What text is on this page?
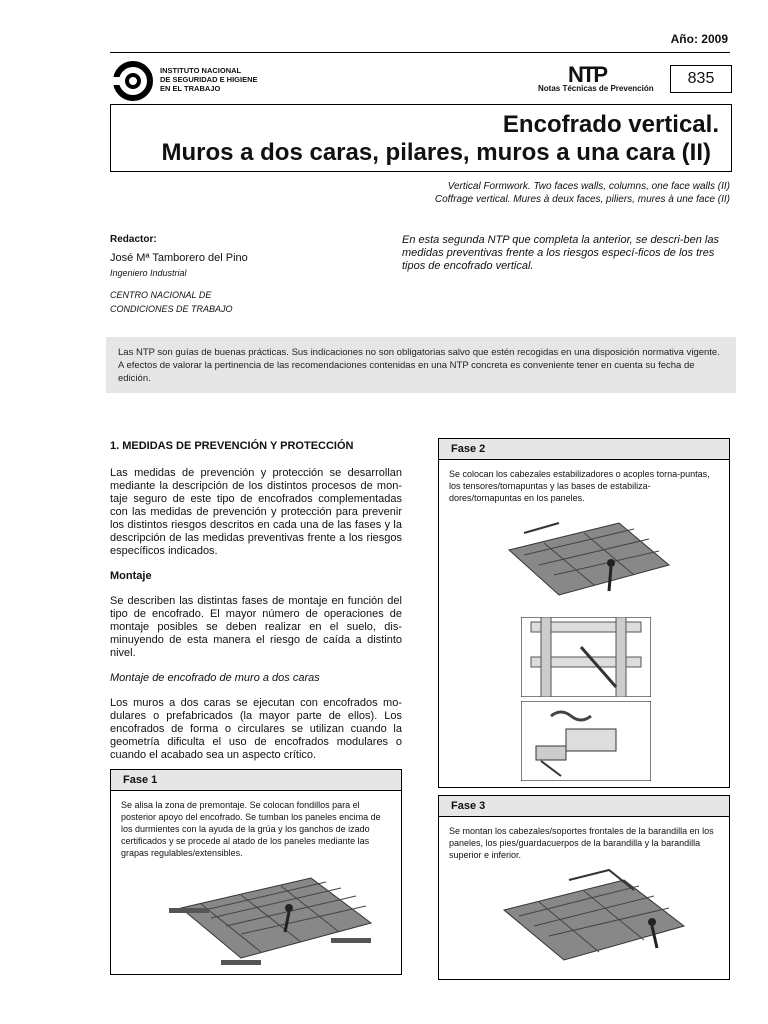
Año: 2009
INSTITUTO NACIONAL
DE SEGURIDAD E HIGIENE
EN EL TRABAJO
NTP
Notas Técnicas de Prevención
835
Encofrado vertical.
Muros a dos caras, pilares, muros a una cara (II)
Vertical Formwork. Two faces walls, columns, one face walls (II)
Coffrage vertical. Mures à deux faces, piliers, mures à une face (II)
Redactor:
José Mª Tamborero del Pino
Ingeniero Industrial
CENTRO NACIONAL DE
CONDICIONES DE TRABAJO
En esta segunda NTP que completa la anterior, se descri-ben las medidas preventivas frente a los riesgos especí-ficos de los tres tipos de encofrado vertical.
Las NTP son guías de buenas prácticas. Sus indicaciones no son obligatorias salvo que estén recogidas en una disposición normativa vigente. A efectos de valorar la pertinencia de las recomendaciones contenidas en una NTP concreta es conveniente tener en cuenta su fecha de edición.
1. MEDIDAS DE PREVENCIÓN Y PROTECCIÓN

Las medidas de prevención y protección se desarrollan mediante la descripción de los distintos procesos de mon-taje seguro de este tipo de encofrados complementadas con las medidas de prevención y protección para prevenir los distintos riesgos descritos en cada una de las fases y la descripción de las medidas preventivas frente a los riesgos específicos indicados.

Montaje

Se describen las distintas fases de montaje en función del tipo de encofrado. El mayor número de operaciones de montaje posibles se deben realizar en el suelo, dis-minuyendo de esta manera el riesgo de caída a distinto nivel.

Montaje de encofrado de muro a dos caras

Los muros a dos caras se ejecutan con encofrados mo-dulares o prefabricados (la mayor parte de ellos). Los encofrados de forma o circulares se utilizan cuando la geometría dificulta el uso de encofrados modulares o cuando el acabado sea un aspecto crítico.

Fase 1
Se alisa la zona de premontaje. Se colocan fondillos para el posterior apoyo del encofrado. Se tumban los paneles encima de los durmientes con la ayuda de la grúa y los ganchos de izado certificados y se procede al atado de los paneles mediante las grapas regulables/extensibles.
Fase 2
Se colocan los cabezales estabilizadores o acoples torna-puntas, los tensores/tornapuntas y las bases de estabiliza-dores/tornapuntas en los paneles.
Fase 3
Se montan los cabezales/soportes frontales de la barandilla en los paneles, los pies/guardacuerpos de la barandilla y la barandilla superior e inferior.
